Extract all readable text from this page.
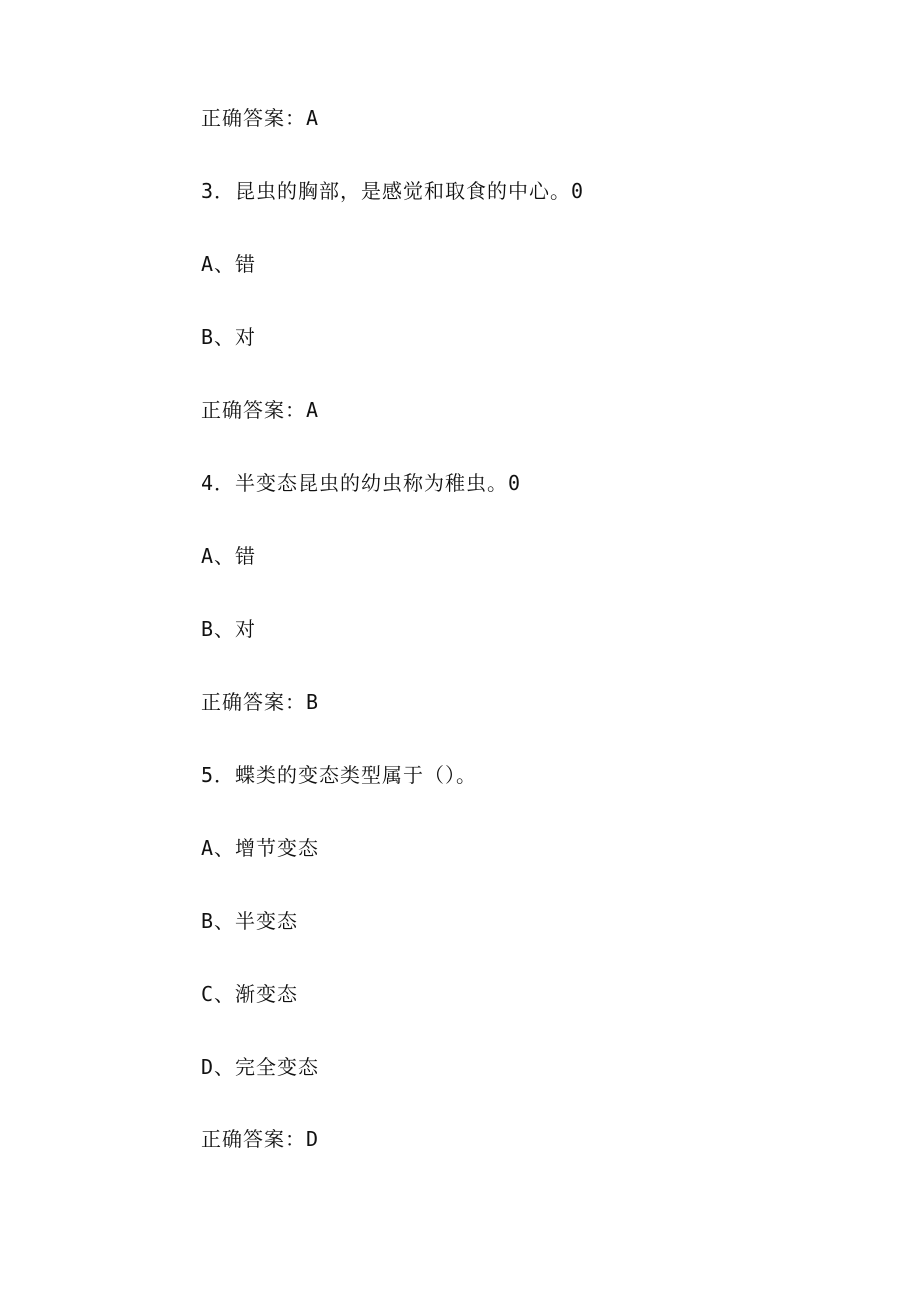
正确答案：A
3．昆虫的胸部，是感觉和取食的中心。0
A、错
B、对
正确答案：A
4．半变态昆虫的幼虫称为稚虫。0
A、错
B、对
正确答案：B
5．蝶类的变态类型属于（）。
A、增节变态
B、半变态
C、渐变态
D、完全变态
正确答案：D
